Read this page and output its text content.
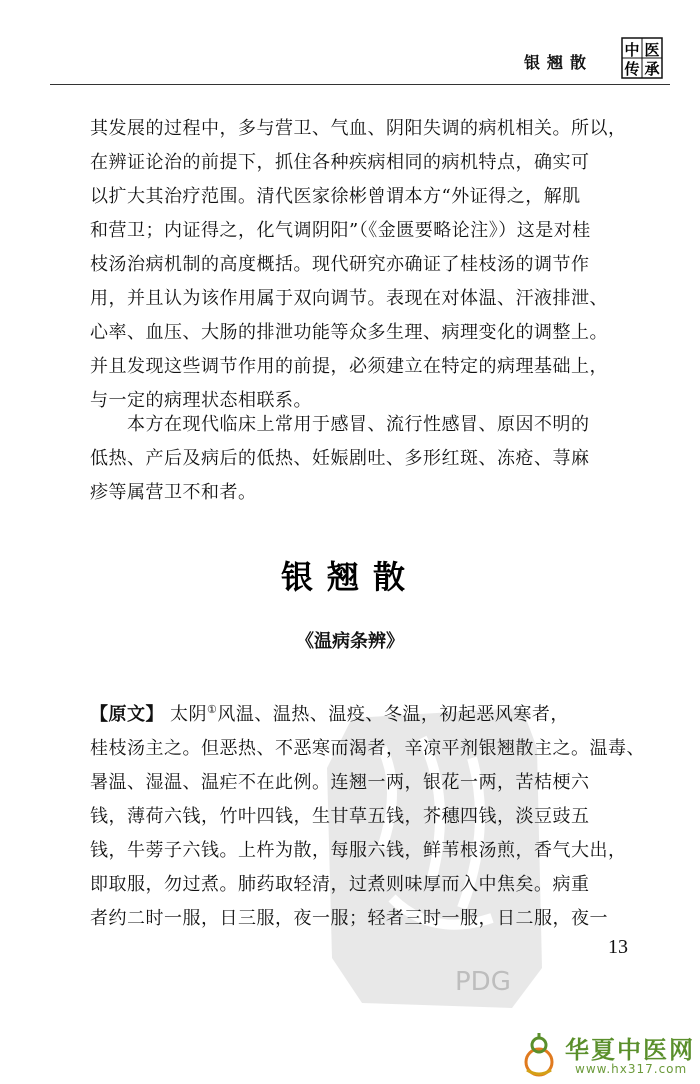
银翘散
中 医
传 承
其发展的过程中，多与营卫、气血、阴阳失调的病机相关。所以，
在辨证论治的前提下，抓住各种疾病相同的病机特点，确实可
以扩大其治疗范围。清代医家徐彬曾谓本方“外证得之，解肌
和营卫；内证得之，化气调阴阳”（《金匮要略论注》）这是对桂
枝汤治病机制的高度概括。现代研究亦确证了桂枝汤的调节作
用，并且认为该作用属于双向调节。表现在对体温、汗液排泄、
心率、血压、大肠的排泄功能等众多生理、病理变化的调整上。
并且发现这些调节作用的前提，必须建立在特定的病理基础上，
与一定的病理状态相联系。
　　本方在现代临床上常用于感冒、流行性感冒、原因不明的
低热、产后及病后的低热、妊娠剧吐、多形红斑、冻疮、荨麻
疹等属营卫不和者。
银翘散
《温病条辨》
PDG
【原文】 太阴①风温、温热、温疫、冬温，初起恶风寒者，
桂枝汤主之。但恶热、不恶寒而渴者，辛凉平剂银翘散主之。温毒、
暑温、湿温、温疟不在此例。连翘一两，银花一两，苦桔梗六
钱，薄荷六钱，竹叶四钱，生甘草五钱，芥穗四钱，淡豆豉五
钱，牛蒡子六钱。上杵为散，每服六钱，鲜苇根汤煎，香气大出，
即取服，勿过煮。肺药取轻清，过煮则味厚而入中焦矣。病重
者约二时一服，日三服，夜一服；轻者三时一服，日二服，夜一
13
华夏中医网
www.hx317.com
